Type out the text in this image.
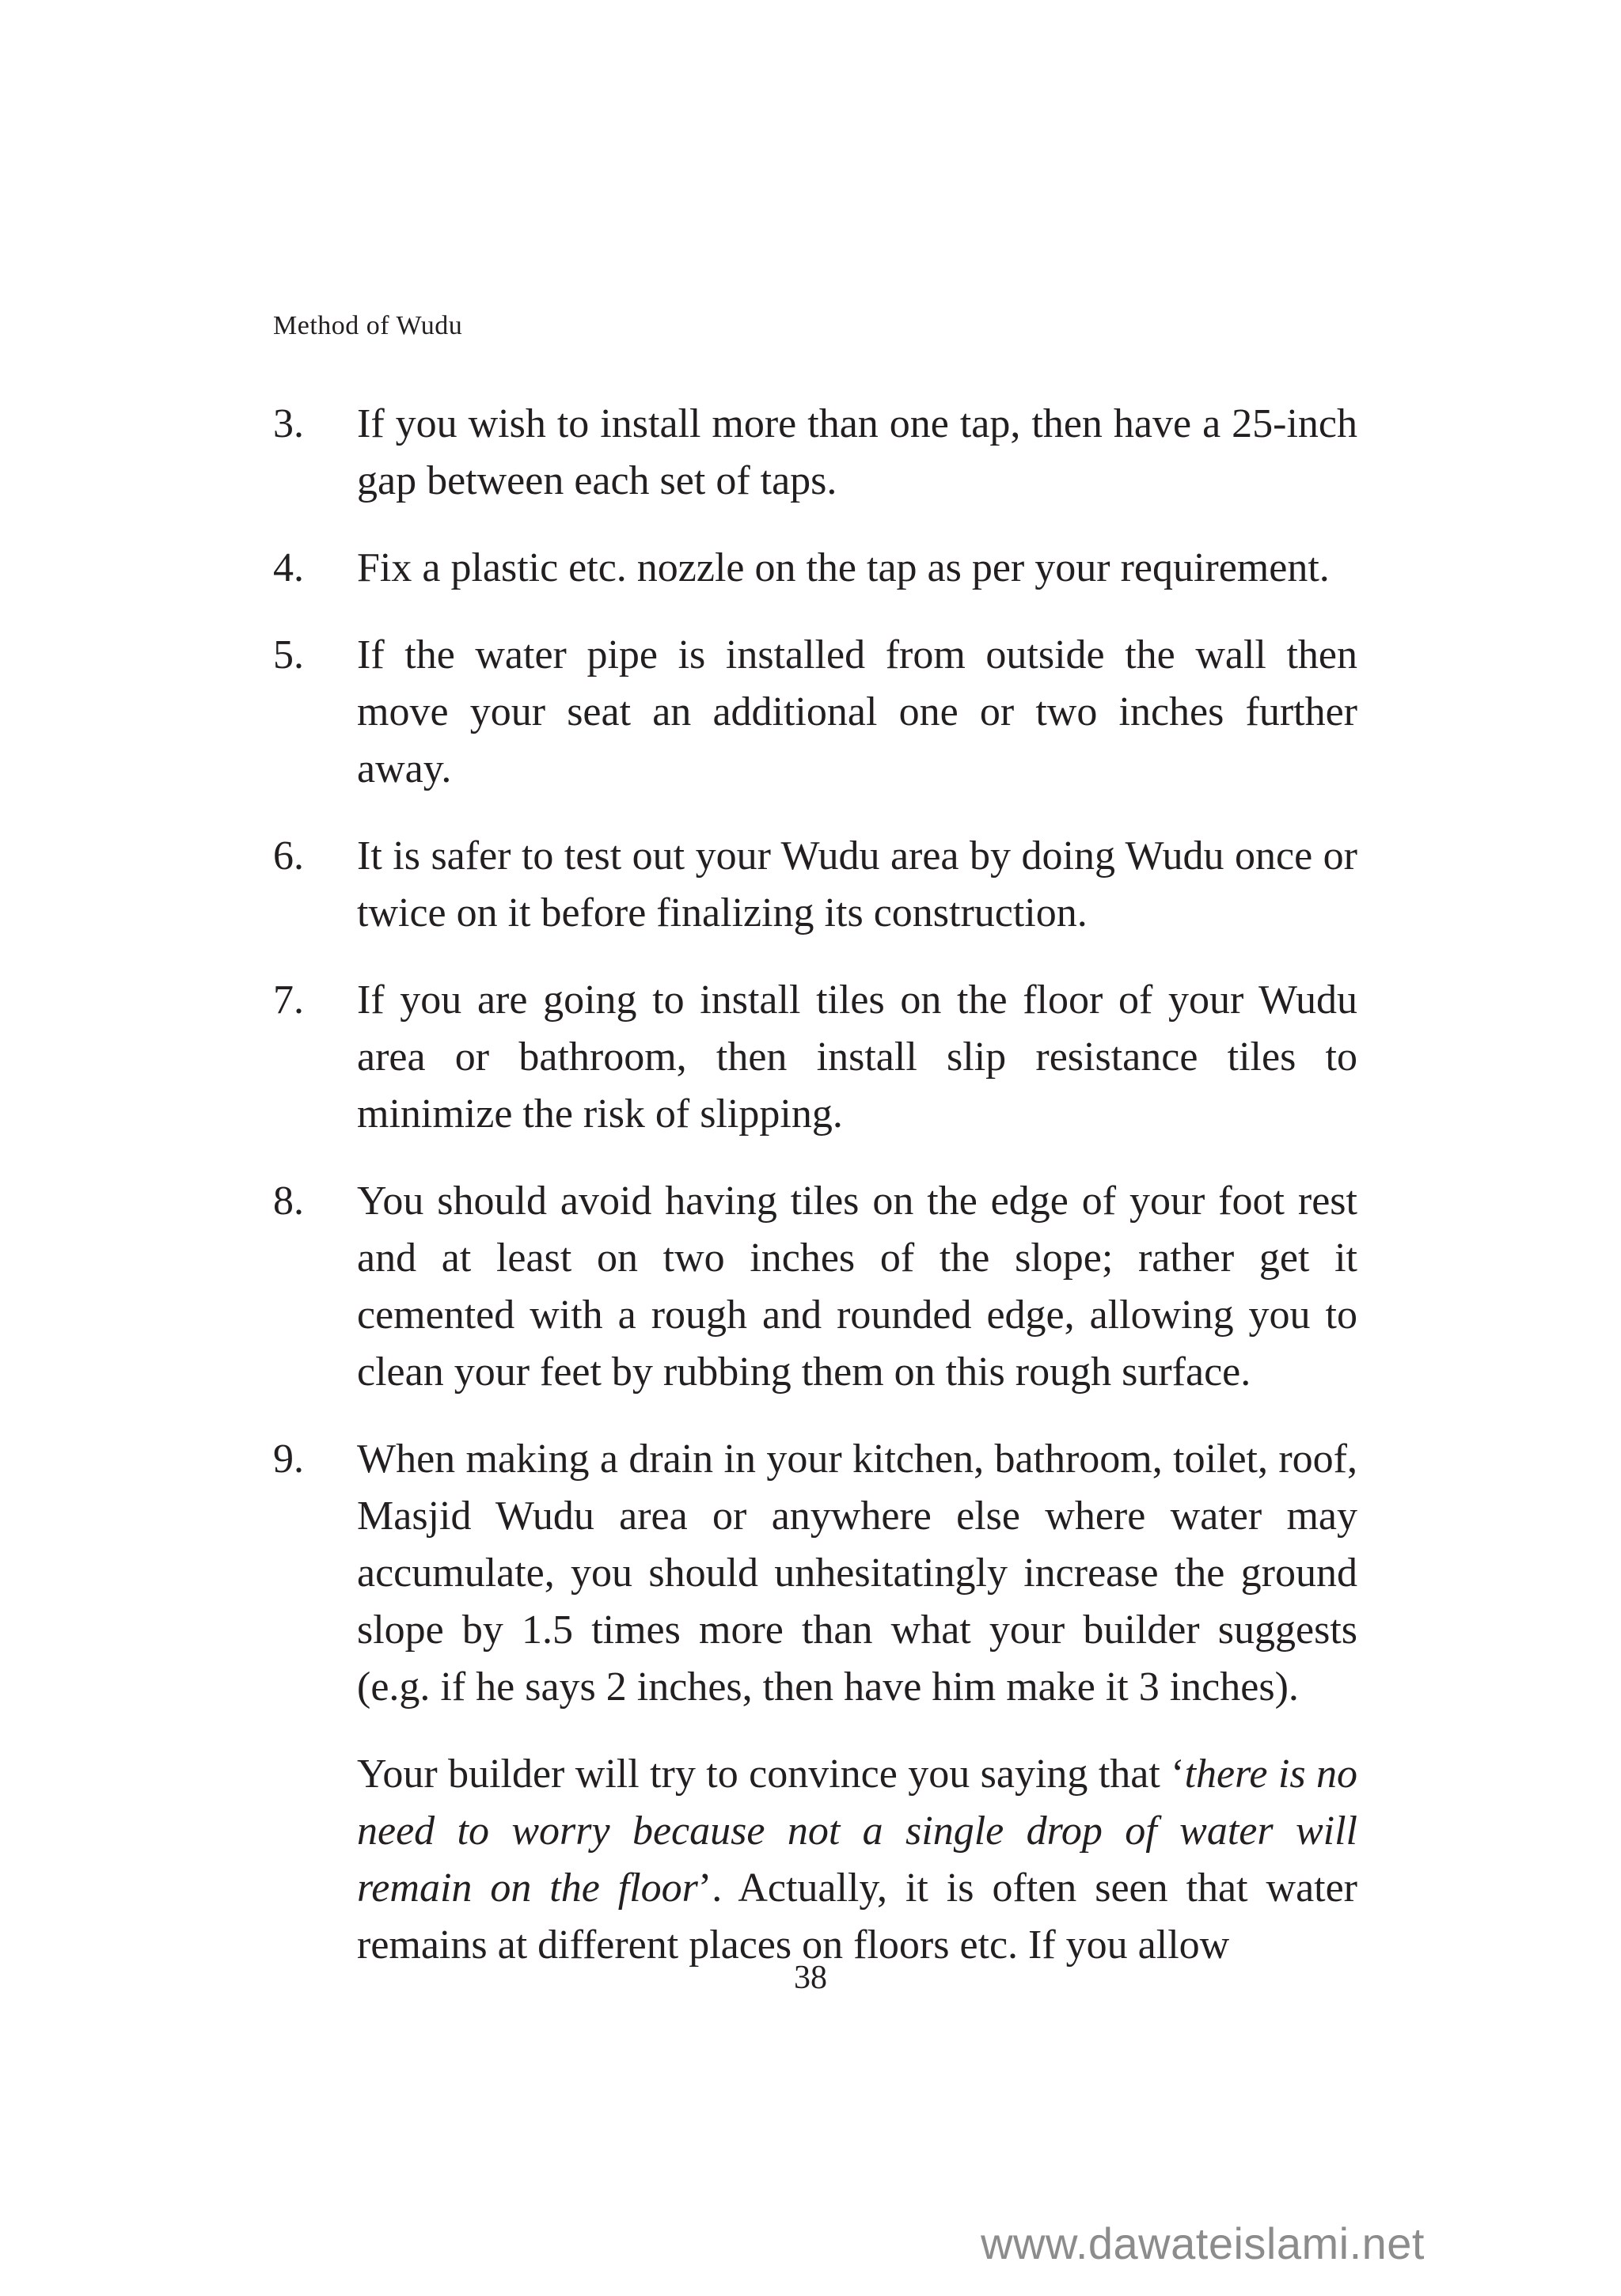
Method of Wudu
3.	If you wish to install more than one tap, then have a 25-inch gap between each set of taps.
4.	Fix a plastic etc. nozzle on the tap as per your requirement.
5.	If the water pipe is installed from outside the wall then move your seat an additional one or two inches further away.
6.	It is safer to test out your Wudu area by doing Wudu once or twice on it before finalizing its construction.
7.	If you are going to install tiles on the floor of your Wudu area or bathroom, then install slip resistance tiles to minimize the risk of slipping.
8.	You should avoid having tiles on the edge of your foot rest and at least on two inches of the slope; rather get it cemented with a rough and rounded edge, allowing you to clean your feet by rubbing them on this rough surface.
9.	When making a drain in your kitchen, bathroom, toilet, roof, Masjid Wudu area or anywhere else where water may accumulate, you should unhesitatingly increase the ground slope by 1.5 times more than what your builder suggests (e.g. if he says 2 inches, then have him make it 3 inches).

Your builder will try to convince you saying that ‘there is no need to worry because not a single drop of water will remain on the floor’. Actually, it is often seen that water remains at different places on floors etc. If you allow

38
www.dawateislami.net
